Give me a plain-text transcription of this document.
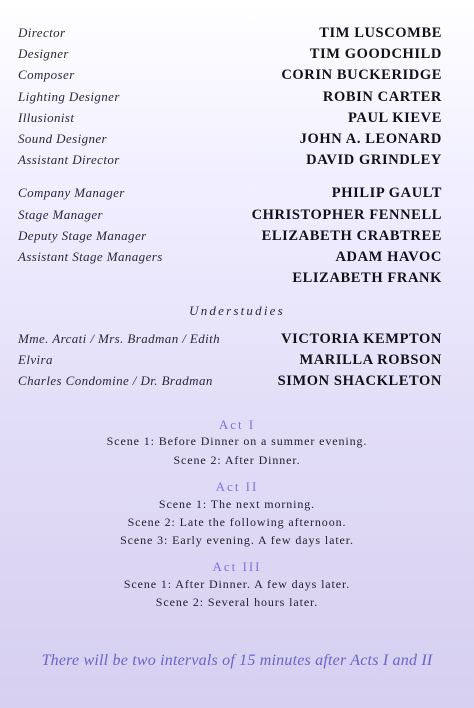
Director	TIM LUSCOMBE
Designer	TIM GOODCHILD
Composer	CORIN BUCKERIDGE
Lighting Designer	ROBIN CARTER
Illusionist	PAUL KIEVE
Sound Designer	JOHN A. LEONARD
Assistant Director	DAVID GRINDLEY
Company Manager	PHILIP GAULT
Stage Manager	CHRISTOPHER FENNELL
Deputy Stage Manager	ELIZABETH CRABTREE
Assistant Stage Managers	ADAM HAVOC
ELIZABETH FRANK
Understudies
Mme. Arcati / Mrs. Bradman / Edith	VICTORIA KEMPTON
Elvira	MARILLA ROBSON
Charles Condomine / Dr. Bradman	SIMON SHACKLETON
Act I
Scene 1: Before Dinner on a summer evening.
Scene 2: After Dinner.
Act II
Scene 1: The next morning.
Scene 2: Late the following afternoon.
Scene 3: Early evening. A few days later.
Act III
Scene 1: After Dinner. A few days later.
Scene 2: Several hours later.
There will be two intervals of 15 minutes after Acts I and II
